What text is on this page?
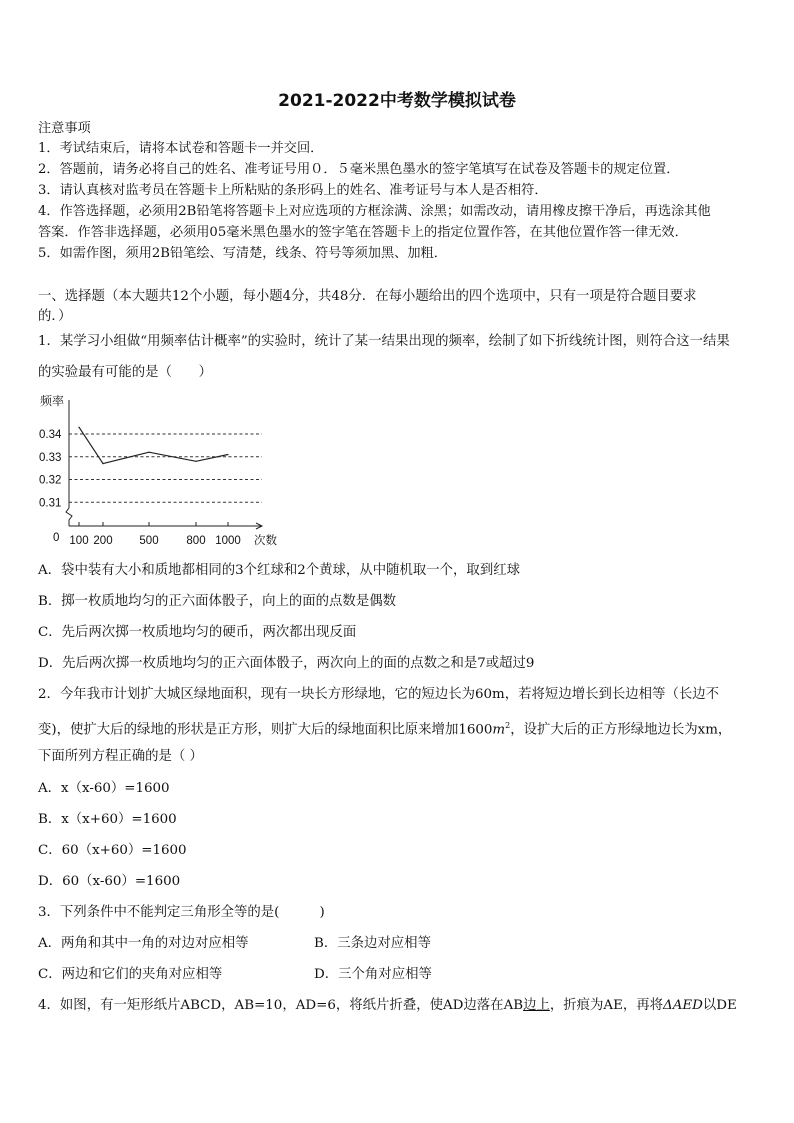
2021-2022中考数学模拟试卷
注意事项
1．考试结束后，请将本试卷和答题卡一并交回．
2．答题前，请务必将自己的姓名、准考证号用０．５毫米黑色墨水的签字笔填写在试卷及答题卡的规定位置．
3．请认真核对监考员在答题卡上所粘贴的条形码上的姓名、准考证号与本人是否相符．
4．作答选择题，必须用2B铅笔将答题卡上对应选项的方框涂满、涂黑；如需改动，请用橡皮擦干净后，再选涂其他
答案．作答非选择题，必须用05毫米黑色墨水的签字笔在答题卡上的指定位置作答，在其他位置作答一律无效．
5．如需作图，须用2B铅笔绘、写清楚，线条、符号等须加黑、加粗．
一、选择题（本大题共12个小题，每小题4分，共48分．在每小题给出的四个选项中，只有一项是符合题目要求
的．）
1．某学习小组做“用频率估计概率”的实验时，统计了某一结果出现的频率，绘制了如下折线统计图，则符合这一结果
的实验最有可能的是（　　）
频率
次数
0
0.31
0.32
0.33
0.34
100 200 500 800 1000
A．袋中装有大小和质地都相同的3个红球和2个黄球，从中随机取一个，取到红球
B．掷一枚质地均匀的正六面体骰子，向上的面的点数是偶数
C．先后两次掷一枚质地均匀的硬币，两次都出现反面
D．先后两次掷一枚质地均匀的正六面体骰子，两次向上的面的点数之和是7或超过9
2．今年我市计划扩大城区绿地面积，现有一块长方形绿地，它的短边长为60m，若将短边增长到长边相等（长边不
变)，使扩大后的绿地的形状是正方形，则扩大后的绿地面积比原来增加$1600m^2$，设扩大后的正方形绿地边长为xm，
下面所列方程正确的是（ ）
A．x（x-60）=1600
B．x（x+60）=1600
C．60（x+60）=1600
D．60（x-60）=1600
3．下列条件中不能判定三角形全等的是(　　　)
A．两角和其中一角的对边对应相等	B．三条边对应相等
C．两边和它们的夹角对应相等	D．三个角对应相等
4．如图，有一矩形纸片ABCD，AB=10，AD=6，将纸片折叠，使AD边落在AB边上，折痕为AE，再将ΔAED以DE
